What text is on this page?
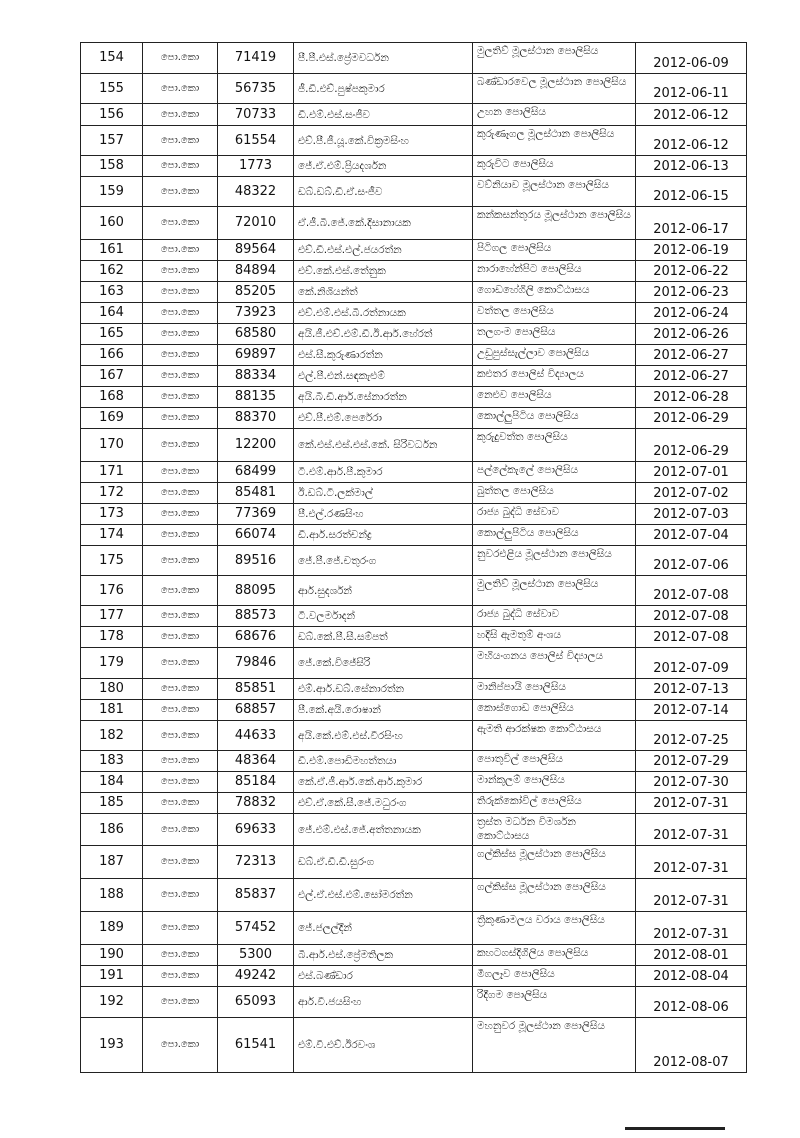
154	පො.කො	71419	පී.පී.එස්.ප්‍රේමවර්ධන	මුලතිව් මූලස්ථාන පොලිසිය	2012-06-09
155	පො.කො	56735	ජී.ඩී.එච්.පුෂ්පකුමාර	බණ්ඩාරවෙල මූලස්ථාන පොලිසිය	2012-06-11
156	පො.කො	70733	ඩී.එම්.එස්.සංජීව	උහන පොලිසිය	2012-06-12
157	පො.කො	61554	එච්.පී.ජී.යූ.කේ.වික්‍රමසිංහ	කුරුණෑගල මූලස්ථාන පොලිසිය	2012-06-12
158	පො.කො	1773	ජේ.ඒ.එම්.ප්‍රියදර්ශන	කුරුවිට පොලිසිය	2012-06-13
159	පො.කො	48322	ඩබ්.ඩබ්.ඩී.ඒ.සංජීව	වව්නියාව මූලස්ථාන පොලිසිය	2012-06-15
160	පො.කො	72010	ඒ.ජී.බී.ජේ.කේ.දිසානායක	කන්කසන්තුරය මූලස්ථාන පොලිසිය	2012-06-17
161	පො.කො	89564	එච්.ඩී.එස්.එල්.ජයරත්න	පිටිගල පොලිසිය	2012-06-19
162	පො.කො	84894	එච්.කේ.එස්.තේනුක	නාරාහේන්පිට පොලිසිය	2012-06-22
163	පො.කො	85205	කේ.නිශියන්ත්	ගොඩහේගිලි කොට්ඨාසය	2012-06-23
164	පො.කො	73923	එච්.එම්.එස්.බී.රත්නායක	වත්තල පොලිසිය	2012-06-24
165	පො.කො	68580	අයි.ජී.එච්.එම්.ඩී.ඊ.ආර්.හේරත්	තලගංම පොලිසිය	2012-06-26
166	පො.කො	69897	එස්.සී.කුරුණාරත්න	උඩුපුස්සැල්ලාව පොලිසිය	2012-06-27
167	පො.කො	88334	එල්.පී.එන්.සඳකැළුම්	කළුතර පොලිස් විද්‍යාලය	2012-06-27
168	පො.කො	88135	අයි.බී.ඩී.ආර්.සේනාරත්න	නෙළුව පොලිසිය	2012-06-28
169	පො.කො	88370	එච්.පී.එම්.පෙරේරා	කොල්ලුපිටිය පොලිසිය	2012-06-29
170	පො.කො	12200	කේ.එස්.එස්.එස්.කේ. සිරිවර්ධන	කුරුදුවත්ත පොලිසිය	2012-06-29
171	පො.කො	68499	ටී.එම්.ආර්.පී.කුමාර	පල්ලේකැලේ පොලිසිය	2012-07-01
172	පො.කො	85481	ඊ.ඩබ්.ටී.ලක්මාල්	බුත්තල පොලිසිය	2012-07-02
173	පො.කො	77369	පී.එල්.රණසිංහ	රාජ්‍ය බුද්ධි සේවාව	2012-07-03
174	පො.කො	66074	ඩී.ආර්.සරත්චන්ද්‍ර	කොල්ලුපිටිය පොලිසිය	2012-07-04
175	පො.කො	89516	ජේ.පී.ජේ.චතුරංග	නුවරඑළිය මූලස්ථාන පොලිසිය	2012-07-06
176	පො.කො	88095	ආර්.සුදර්ශන්	මුලතිව් මූලස්ථාන පොලිසිය	2012-07-08
177	පො.කො	88573	ටී.වලර්මාදන්	රාජ්‍ය බුද්ධි සේවාව	2012-07-08
178	පො.කො	68676	ඩබ්.කේ.පී.සී.සම්පත්	හදිසි ඇමතුම් අංශය	2012-07-08
179	පො.කො	79846	ජේ.කේ.විජේසිරි	මහියංගනය පොලිස් විද්‍යාලය	2012-07-09
180	පො.කො	85851	එම්.ආර්.ඩබ්.සේනාරත්න	මානිප්පායි පොලිසිය	2012-07-13
181	පො.කො	68857	පී.කේ.අයි.රොෂාන්	කොස්ගොඩ පොලිසිය	2012-07-14
182	පො.කො	44633	අයි.කේ.එම්.එස්.වීරසිංහ	ඇමති ආරක්ෂක කොට්ඨාසය	2012-07-25
183	පො.කො	48364	ඩී.එම්.පොඩිමහත්තයා	පොතුවිල් පොලිසිය	2012-07-29
184	පො.කො	85184	කේ.ඒ.ජී.ආර්.කේ.ආර්.කුමාර	මාන්කුලම් පොලිසිය	2012-07-30
185	පො.කො	78832	එච්.ඒ.කේ.සී.ජේ.මධුරංග	තිරුක්කෝවිල් පොලිසිය	2012-07-31
186	පො.කො	69633	ජේ.එම්.එස්.ජේ.අත්තනායක	ත්‍රස්ත මර්ධන විමර්ශන කොට්ඨාසය	2012-07-31
187	පො.කො	72313	ඩබ්.ඒ.ඩී.ඩී.සුරංග	ගල්කිස්ස මූලස්ථාන පොලිසිය	2012-07-31
188	පො.කො	85837	එල්.ඒ.එස්.එම්.සෝමරත්න	ගල්කිස්ස මූලස්ථාන පොලිසිය	2012-07-31
189	පො.කො	57452	ජේ.ජලල්දීන්	ත්‍රිකුණාමලය වරාය පොලිසිය	2012-07-31
190	පො.කො	5300	බී.ආර්.එස්.ප්‍රේමතිලක	කහටගස්දිගිලිය පොලිසිය	2012-08-01
191	පො.කො	49242	එස්.බණ්ඩාර	මීගලෑව පොලිසිය	2012-08-04
192	පො.කො	65093	ආර්.වී.ජයසිංහ	රිදීගම පොලිසිය	2012-08-06
193	පො.කො	61541	එම්.වී.එච්.ඊරවංශ	මහනුවර මූලස්ථාන පොලිසිය	2012-08-07
